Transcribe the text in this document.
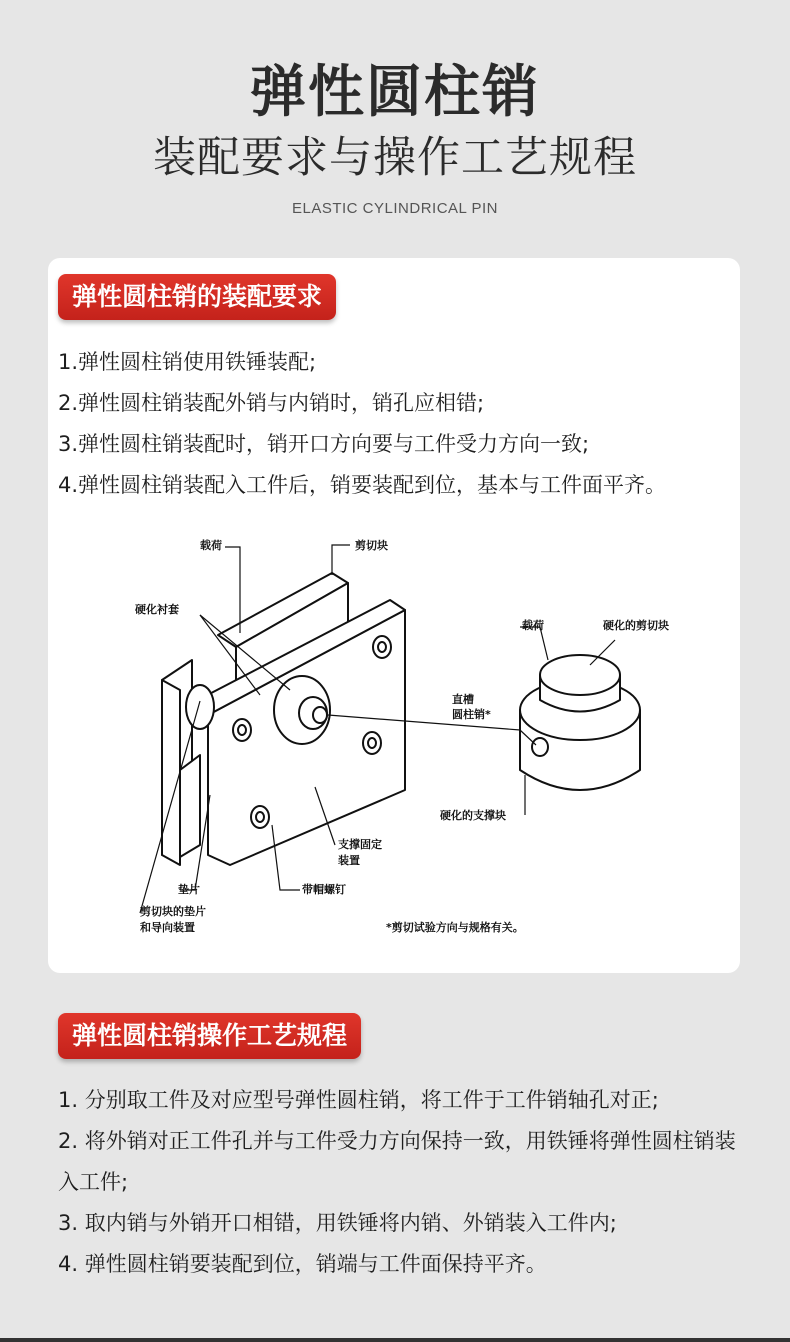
弹性圆柱销
装配要求与操作工艺规程
ELASTIC CYLINDRICAL PIN
弹性圆柱销的装配要求
1.弹性圆柱销使用铁锤装配;
2.弹性圆柱销装配外销与内销时，销孔应相错;
3.弹性圆柱销装配时，销开口方向要与工件受力方向一致;
4.弹性圆柱销装配入工件后，销要装配到位，基本与工件面平齐。
载荷	剪切块
硬化衬套
载荷	硬化的剪切块
直槽
圆柱销*
硬化的支撑块
支撑固定
装置
垫片	带帽螺钉
剪切块的垫片
和导向装置	*剪切试验方向与规格有关。
弹性圆柱销操作工艺规程
1. 分别取工件及对应型号弹性圆柱销，将工件于工件销轴孔对正;
2. 将外销对正工件孔并与工件受力方向保持一致，用铁锤将弹性圆柱销装入工件;
3. 取内销与外销开口相错，用铁锤将内销、外销装入工件内;
4. 弹性圆柱销要装配到位，销端与工件面保持平齐。
